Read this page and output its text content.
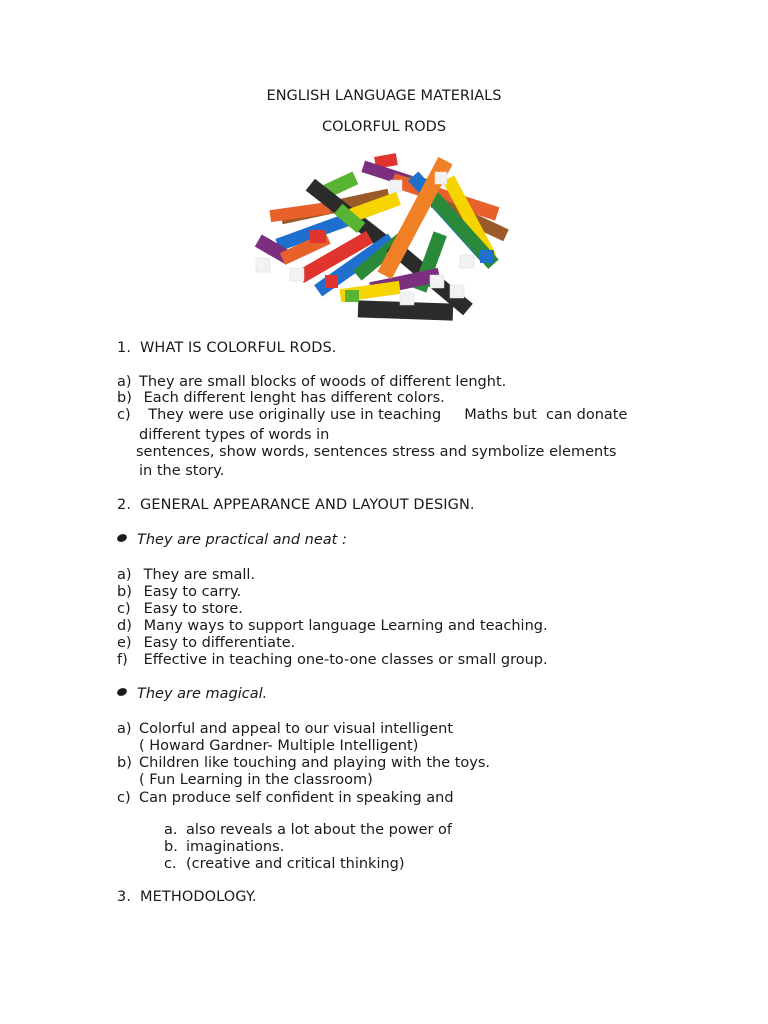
ENGLISH LANGUAGE MATERIALS
COLORFUL RODS
1. WHAT IS COLORFUL RODS.
a) They are small blocks of woods of different lenght.
b) Each different lenght has different colors.
c)  They were use originally use in teaching     Maths but  can donate
different types of words in
sentences, show words, sentences stress and symbolize elements
in the story.
2. GENERAL APPEARANCE AND LAYOUT DESIGN.
They are practical and neat :
a) They are small.
b) Easy to carry.
c) Easy to store.
d) Many ways to support language Learning and teaching.
e) Easy to differentiate.
f) Effective in teaching one-to-one classes or small group.
They are magical.
a) Colorful and appeal to our visual intelligent
( Howard Gardner- Multiple Intelligent)
b) Children like touching and playing with the toys.
( Fun Learning in the classroom)
c) Can produce self confident in speaking and
a. also reveals a lot about the power of
b. imaginations.
c. (creative and critical thinking)
3. METHODOLOGY.
